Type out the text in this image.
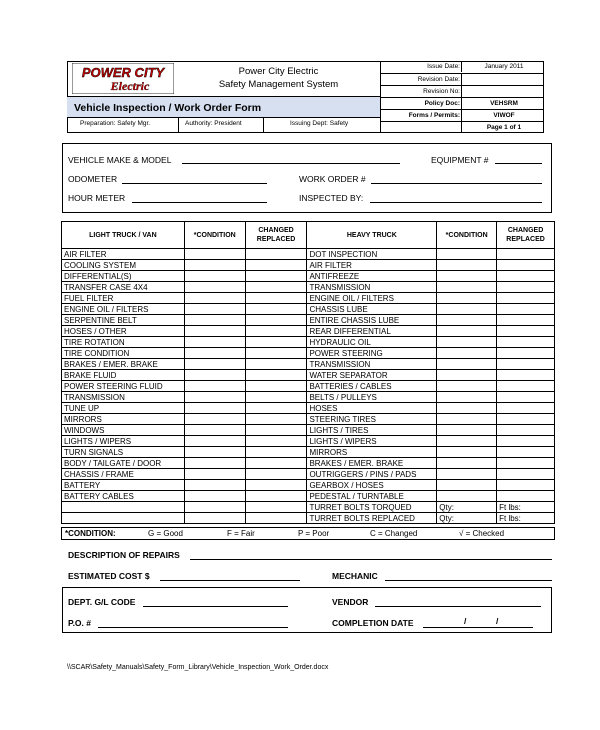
POWER CITY
Electric
Power City Electric
Safety Management System
Issue Date:	January 2011
Revision Date:
Revision No:
Policy Doc:	VEHSRM
Forms / Permits:	VIWOF
Page 1 of 1
Vehicle Inspection / Work Order Form
Preparation: Safety Mgr.	Authority: President	Issuing Dept: Safety
VEHICLE MAKE & MODEL	EQUIPMENT #
ODOMETER	WORK ORDER #
HOUR METER	INSPECTED BY:
LIGHT TRUCK / VAN	*CONDITION	CHANGED REPLACED	HEAVY TRUCK	*CONDITION	CHANGED REPLACED
AIR FILTER			DOT INSPECTION		
COOLING SYSTEM			AIR FILTER		
DIFFERENTIAL(S)			ANTIFREEZE		
TRANSFER CASE 4X4			TRANSMISSION		
FUEL FILTER			ENGINE OIL / FILTERS		
ENGINE OIL / FILTERS			CHASSIS LUBE		
SERPENTINE BELT			ENTIRE CHASSIS LUBE		
HOSES / OTHER			REAR DIFFERENTIAL		
TIRE ROTATION			HYDRAULIC OIL		
TIRE CONDITION			POWER STEERING		
BRAKES / EMER. BRAKE			TRANSMISSION		
BRAKE FLUID			WATER SEPARATOR		
POWER STEERING FLUID			BATTERIES / CABLES		
TRANSMISSION			BELTS / PULLEYS		
TUNE UP			HOSES		
MIRRORS			STEERING TIRES		
WINDOWS			LIGHTS / TIRES		
LIGHTS / WIPERS			LIGHTS / WIPERS		
TURN SIGNALS			MIRRORS		
BODY / TAILGATE / DOOR			BRAKES / EMER. BRAKE		
CHASSIS / FRAME			OUTRIGGERS / PINS / PADS		
BATTERY			GEARBOX / HOSES		
BATTERY CABLES			PEDESTAL / TURNTABLE		
			TURRET BOLTS TORQUED	Qty:	Ft lbs:
			TURRET BOLTS REPLACED	Qty:	Ft lbs:
*CONDITION:	G = Good	F = Fair	P = Poor	C = Changed	√ = Checked
DESCRIPTION OF REPAIRS
ESTIMATED COST $	MECHANIC
DEPT. G/L CODE	VENDOR
P.O. #	COMPLETION DATE	/	/
\\SCAR\Safety_Manuals\Safety_Form_Library\Vehicle_Inspection_Work_Order.docx
